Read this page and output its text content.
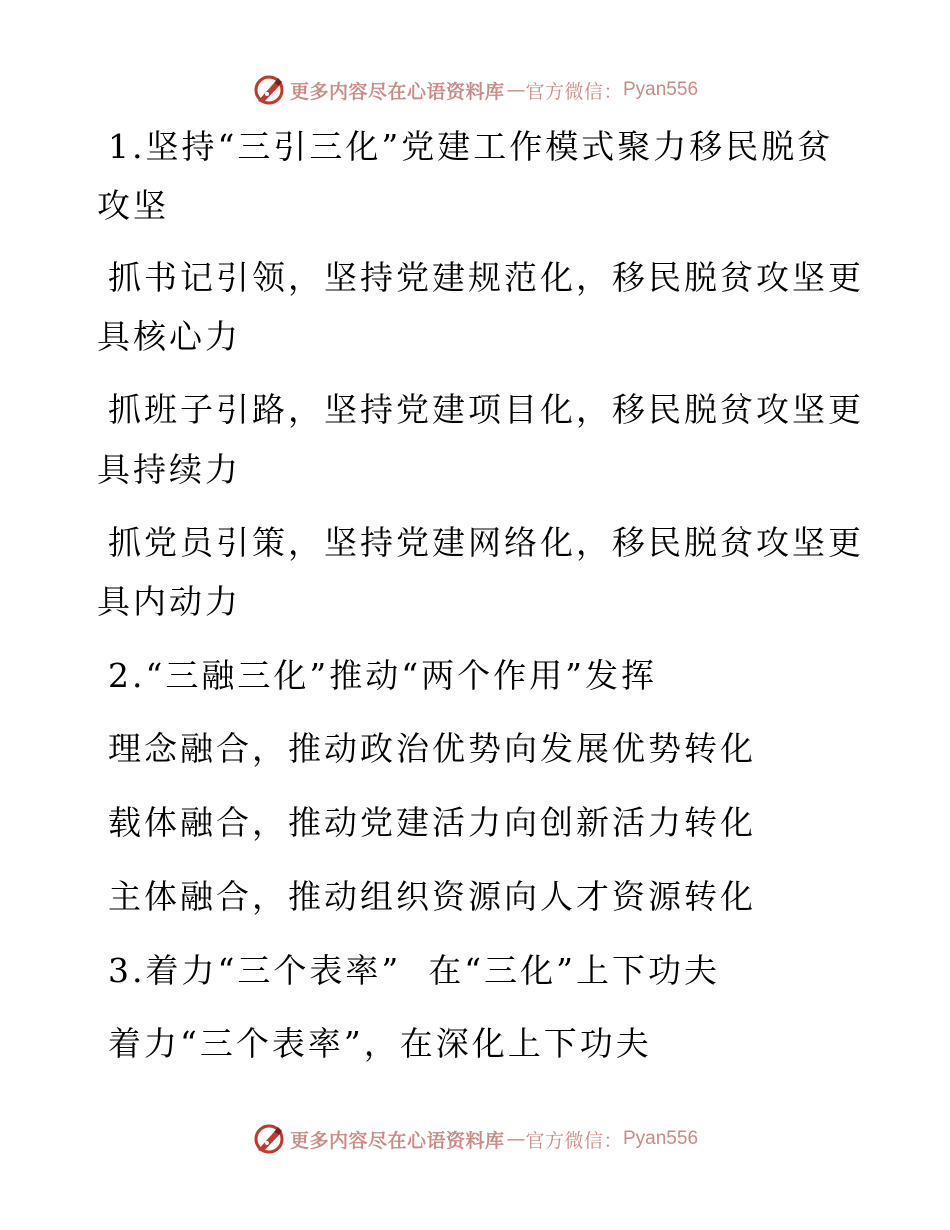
更多内容尽在心语资料库 — 官方微信： Pyan556
1.坚持“三引三化”党建工作模式聚力移民脱贫
攻坚
抓书记引领，坚持党建规范化，移民脱贫攻坚更
具核心力
抓班子引路，坚持党建项目化，移民脱贫攻坚更
具持续力
抓党员引策，坚持党建网络化，移民脱贫攻坚更
具内动力
2.“三融三化”推动“两个作用”发挥
理念融合，推动政治优势向发展优势转化
载体融合，推动党建活力向创新活力转化
主体融合，推动组织资源向人才资源转化
3.着力“三个表率”  在“三化”上下功夫
着力“三个表率”，在深化上下功夫
更多内容尽在心语资料库 — 官方微信： Pyan556
